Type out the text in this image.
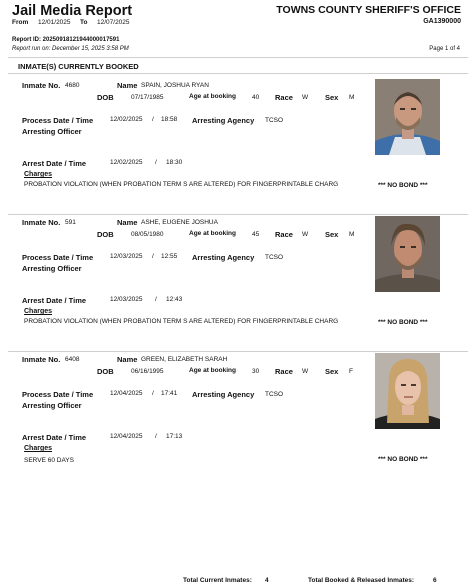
Jail Media Report
From 12/01/2025 To 12/07/2025
TOWNS COUNTY SHERIFF'S OFFICE
GA1390000
Report ID: 20250918121944000017591
Report run on: December 15, 2025 3:58 PM	Page 1 of 4
INMATE(S) CURRENTLY BOOKED
Inmate No. 4680	Name SPAIN, JOSHUA RYAN
DOB	07/17/1985	Age at booking 40 Race W Sex M
Process Date / Time	12/02/2025 / 18:58 Arresting Agency TCSO
Arresting Officer
Arrest Date / Time	12/02/2025 / 18:30
Charges
PROBATION VIOLATION (WHEN PROBATION TERM S ARE ALTERED) FOR FINGERPRINTABLE CHARG	*** NO BOND ***
Inmate No. 591	Name ASHE, EUGENE JOSHUA
DOB	08/05/1980	Age at booking 45 Race W Sex M
Process Date / Time	12/03/2025 / 12:55 Arresting Agency TCSO
Arresting Officer
Arrest Date / Time	12/03/2025 / 12:43
Charges
PROBATION VIOLATION (WHEN PROBATION TERM S ARE ALTERED) FOR FINGERPRINTABLE CHARG	*** NO BOND ***
Inmate No. 6408	Name GREEN, ELIZABETH SARAH
DOB	06/16/1995	Age at booking 30 Race W Sex F
Process Date / Time	12/04/2025 / 17:41 Arresting Agency TCSO
Arresting Officer
Arrest Date / Time	12/04/2025 / 17:13
Charges
SERVE 60 DAYS	*** NO BOND ***
Total Current Inmates: 4	Total Booked & Released Inmates:	6
